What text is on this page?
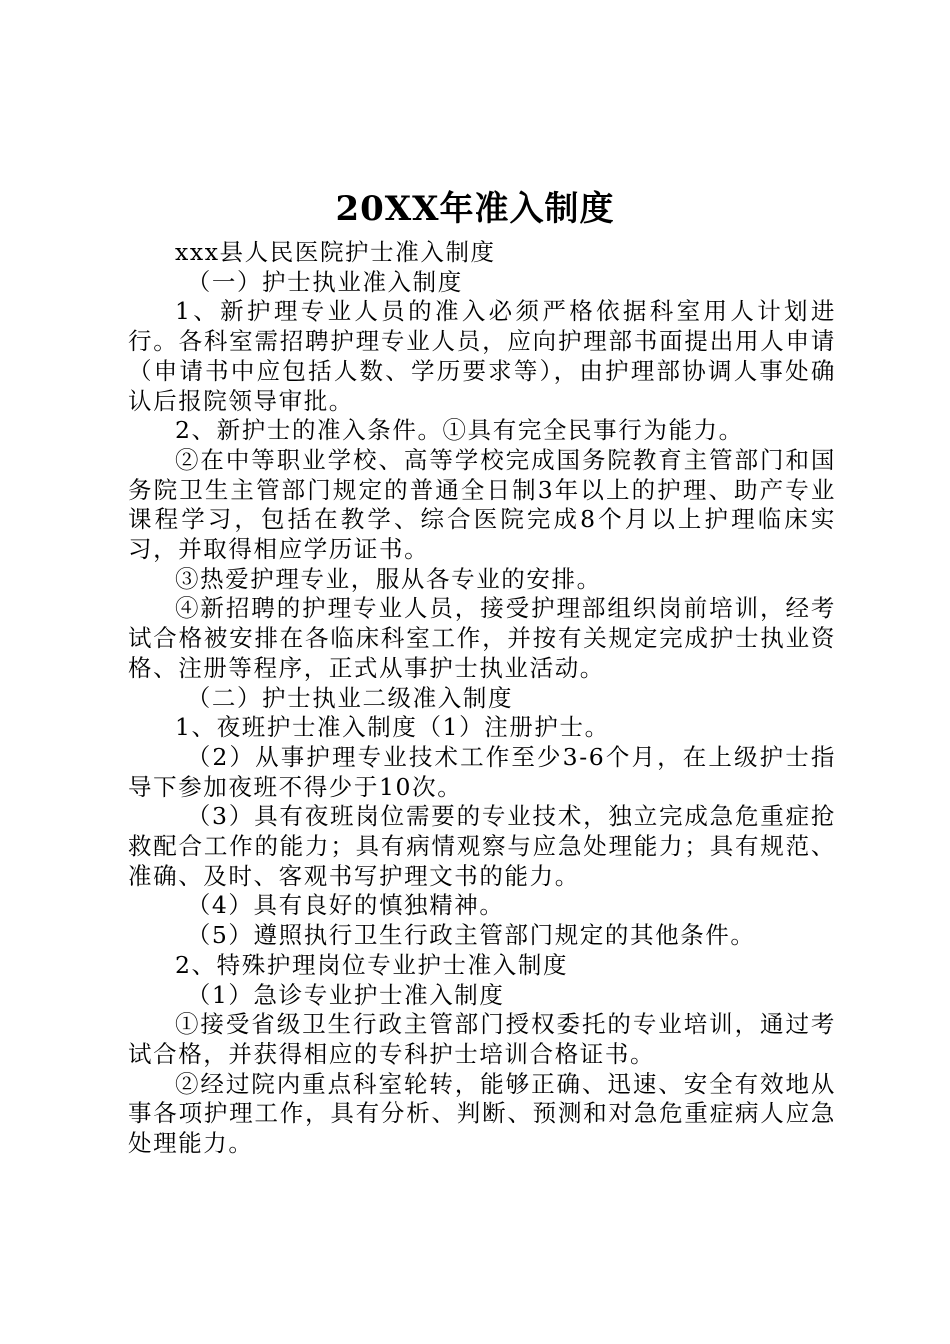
20XX年准入制度

xxx县人民医院护士准入制度

（一）护士执业准入制度

1、新护理专业人员的准入必须严格依据科室用人计划进行。各科室需招聘护理专业人员，应向护理部书面提出用人申请（申请书中应包括人数、学历要求等），由护理部协调人事处确认后报院领导审批。

2、新护士的准入条件。①具有完全民事行为能力。

②在中等职业学校、高等学校完成国务院教育主管部门和国务院卫生主管部门规定的普通全日制3年以上的护理、助产专业课程学习，包括在教学、综合医院完成8个月以上护理临床实习，并取得相应学历证书。

③热爱护理专业，服从各专业的安排。

④新招聘的护理专业人员，接受护理部组织岗前培训，经考试合格被安排在各临床科室工作，并按有关规定完成护士执业资格、注册等程序，正式从事护士执业活动。

（二）护士执业二级准入制度

1、夜班护士准入制度（1）注册护士。

（2）从事护理专业技术工作至少3-6个月，在上级护士指导下参加夜班不得少于10次。

（3）具有夜班岗位需要的专业技术，独立完成急危重症抢救配合工作的能力；具有病情观察与应急处理能力；具有规范、准确、及时、客观书写护理文书的能力。

（4）具有良好的慎独精神。

（5）遵照执行卫生行政主管部门规定的其他条件。

2、特殊护理岗位专业护士准入制度

（1）急诊专业护士准入制度

①接受省级卫生行政主管部门授权委托的专业培训，通过考试合格，并获得相应的专科护士培训合格证书。

②经过院内重点科室轮转，能够正确、迅速、安全有效地从事各项护理工作，具有分析、判断、预测和对急危重症病人应急处理能力。
